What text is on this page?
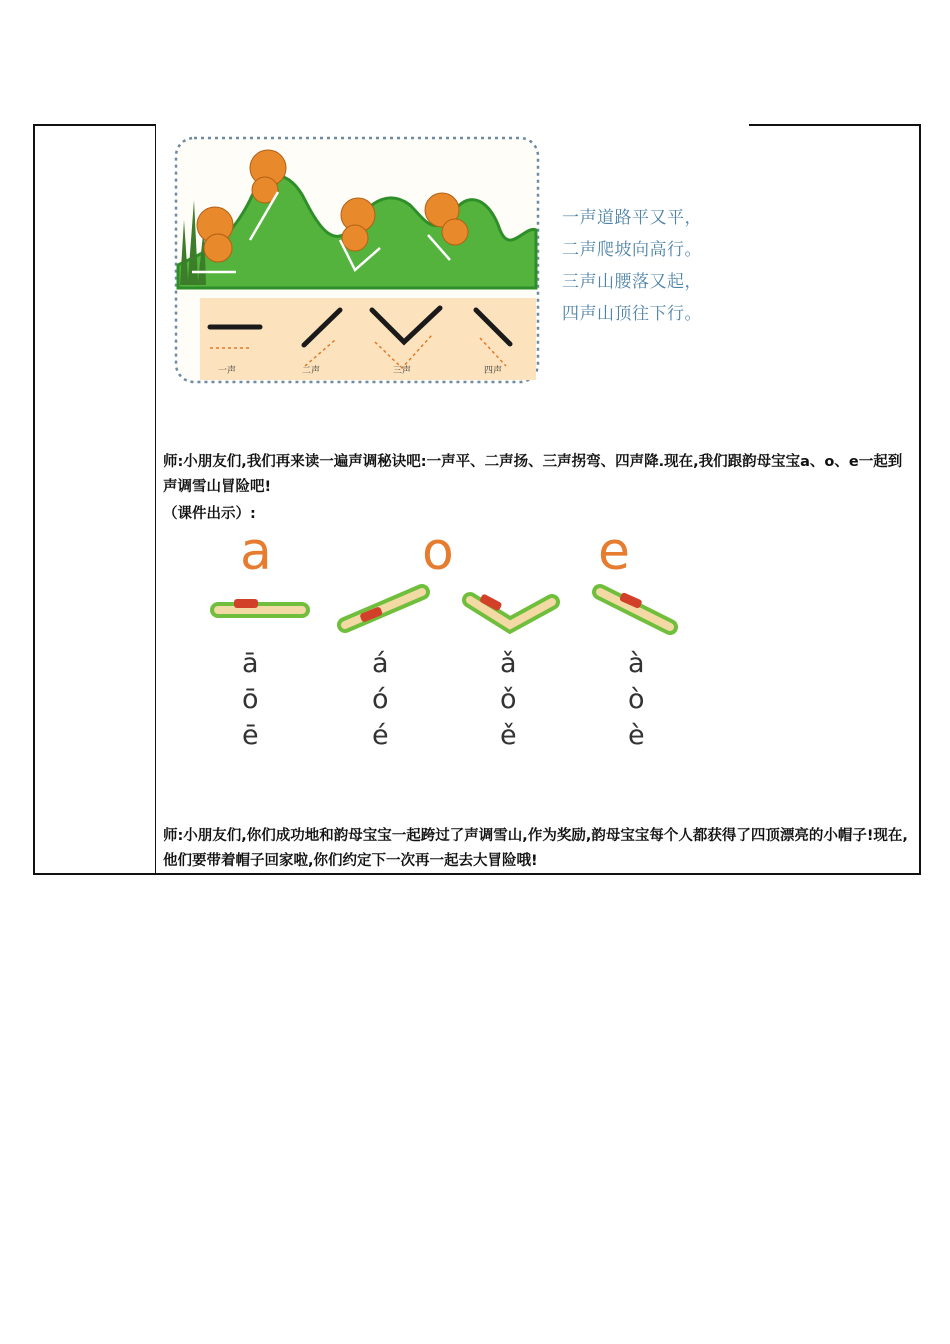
一声	二声	三声	四声
一声道路平又平，
二声爬坡向高行。
三声山腰落又起，
四声山顶往下行。
师:小朋友们,我们再来读一遍声调秘诀吧:一声平、二声扬、三声拐弯、四声降.现在,我们跟韵母宝宝a、o、e一起到声调雪山冒险吧!
（课件出示）:
a	o	e
ā	á	ǎ	à
ō	ó	ǒ	ò
ē	é	ě	è
师:小朋友们,你们成功地和韵母宝宝一起跨过了声调雪山,作为奖励,韵母宝宝每个人都获得了四顶漂亮的小帽子!现在,他们要带着帽子回家啦,你们约定下一次再一起去大冒险哦!
